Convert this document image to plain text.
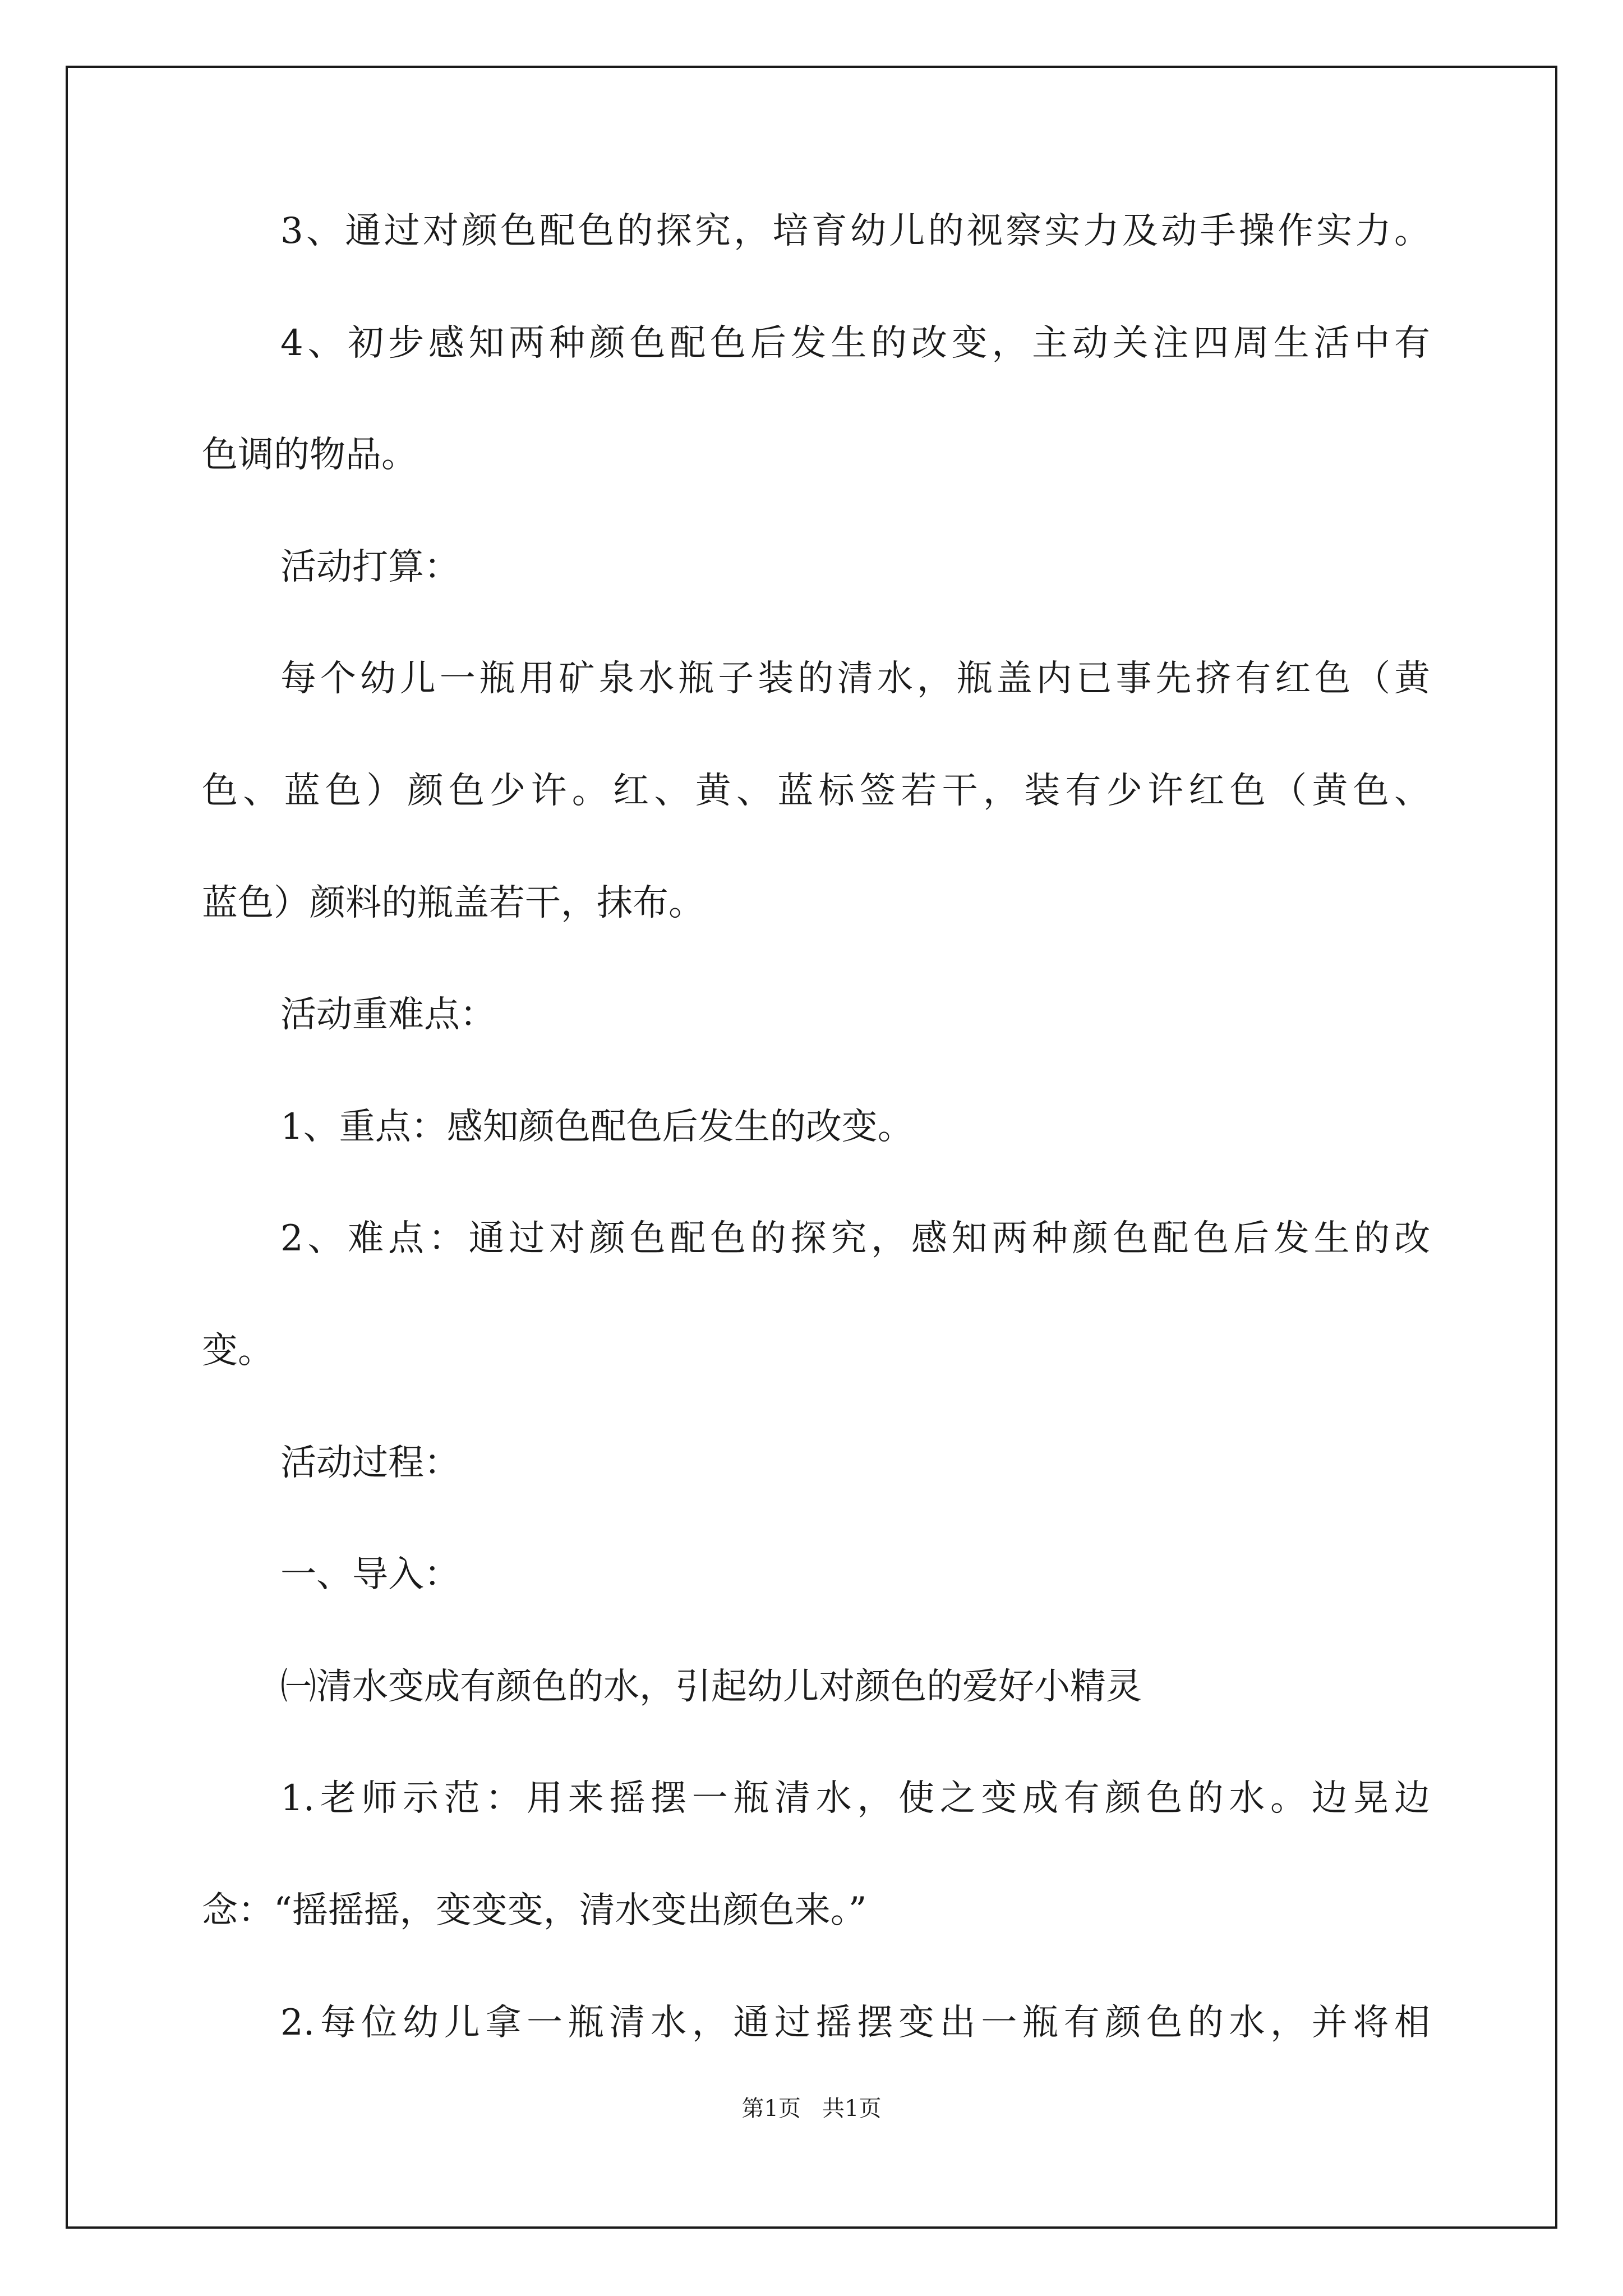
3、通过对颜色配色的探究，培育幼儿的视察实力及动手操作实力。
4、初步感知两种颜色配色后发生的改变，主动关注四周生活中有
色调的物品。
活动打算：
每个幼儿一瓶用矿泉水瓶子装的清水，瓶盖内已事先挤有红色（黄
色、蓝色）颜色少许。红、黄、蓝标签若干，装有少许红色（黄色、
蓝色）颜料的瓶盖若干，抹布。
活动重难点：
1、重点：感知颜色配色后发生的改变。
2、难点：通过对颜色配色的探究，感知两种颜色配色后发生的改
变。
活动过程：
一、导入：
㈠清水变成有颜色的水，引起幼儿对颜色的爱好小精灵
1.老师示范：用来摇摆一瓶清水，使之变成有颜色的水。边晃边
念：“摇摇摇，变变变，清水变出颜色来。”
2.每位幼儿拿一瓶清水，通过摇摆变出一瓶有颜色的水，并将相
第1页   共1页
